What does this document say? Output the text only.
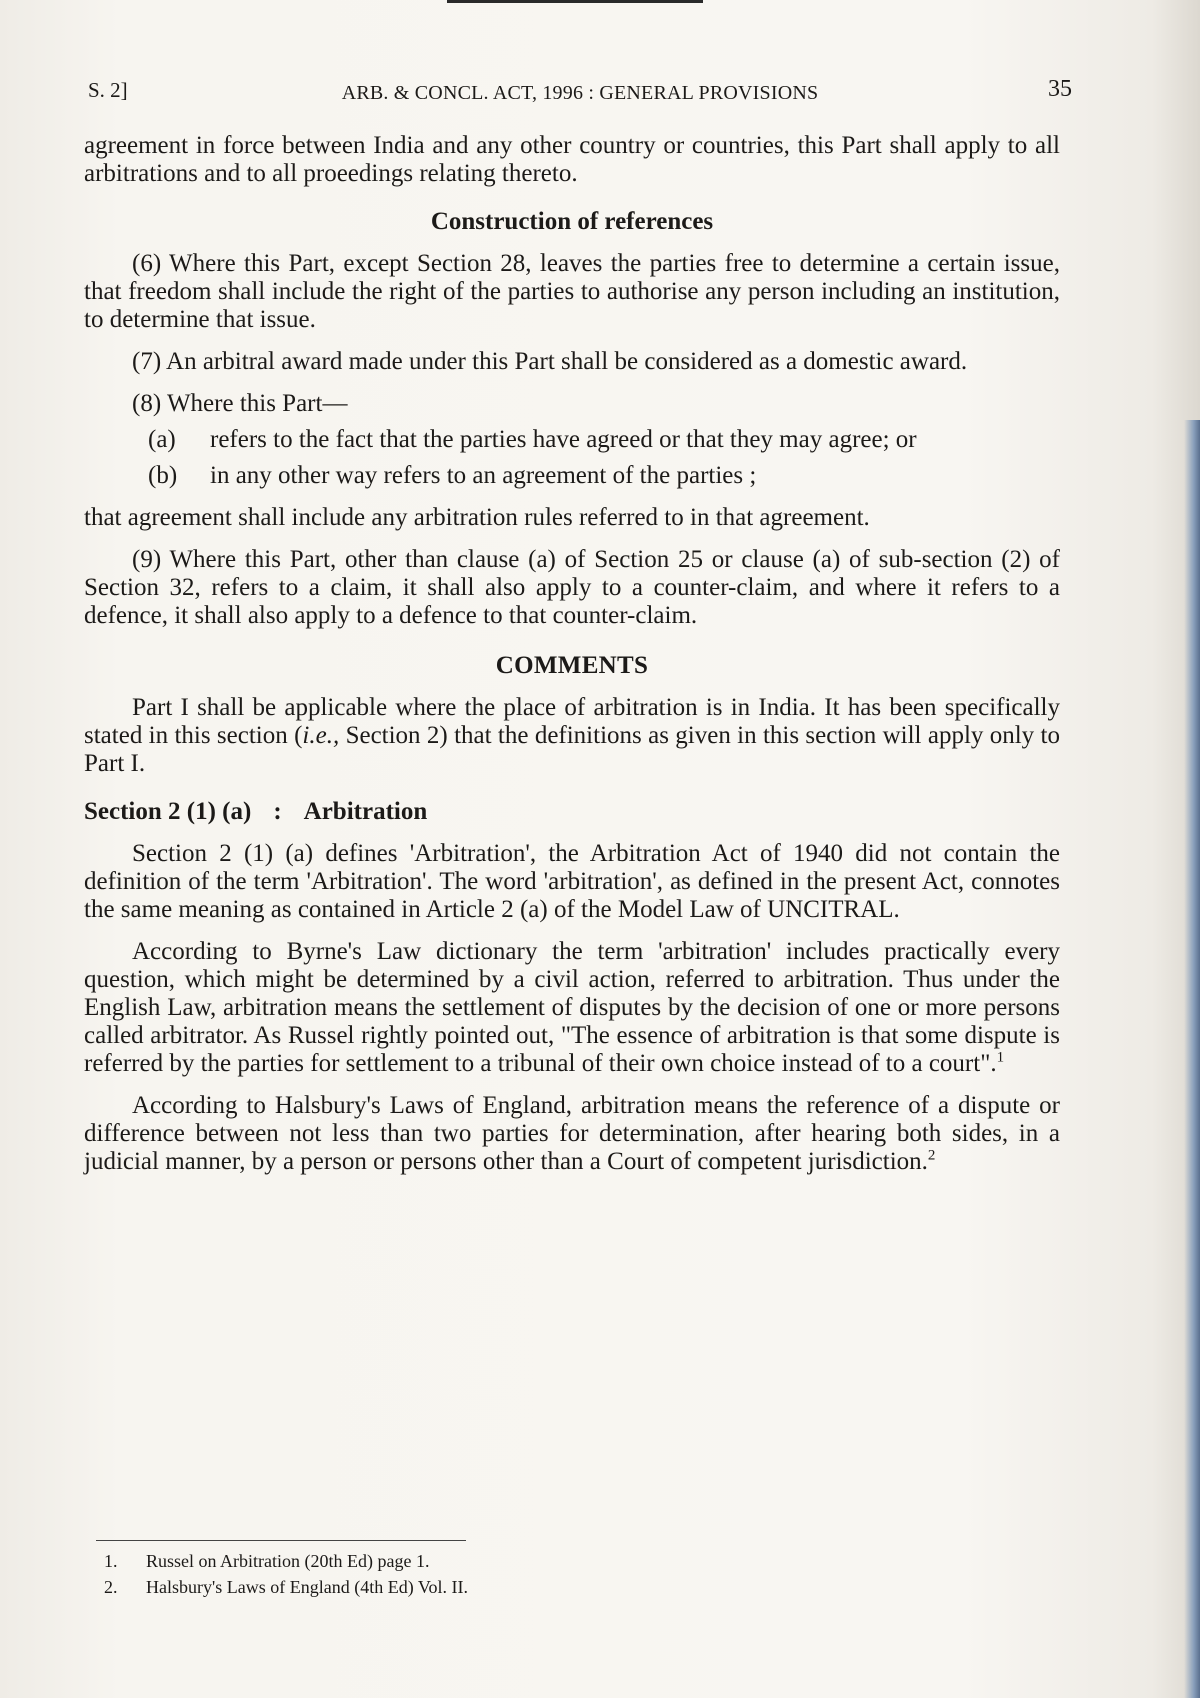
S. 2]	ARB. & CONCL. ACT, 1996 : GENERAL PROVISIONS	35

agreement in force between India and any other country or countries, this Part shall apply to all arbitrations and to all proeedings relating thereto.

Construction of references

(6) Where this Part, except Section 28, leaves the parties free to determine a certain issue, that freedom shall include the right of the parties to authorise any person including an institution, to determine that issue.

(7) An arbitral award made under this Part shall be considered as a domestic award.

(8) Where this Part—

(a)	refers to the fact that the parties have agreed or that they may agree; or
(b)	in any other way refers to an agreement of the parties ;

that agreement shall include any arbitration rules referred to in that agreement.

(9) Where this Part, other than clause (a) of Section 25 or clause (a) of sub-section (2) of Section 32, refers to a claim, it shall also apply to a counter-claim, and where it refers to a defence, it shall also apply to a defence to that counter-claim.

COMMENTS

Part I shall be applicable where the place of arbitration is in India. It has been specifically stated in this section (i.e., Section 2) that the definitions as given in this section will apply only to Part I.

Section 2 (1) (a) : Arbitration

Section 2 (1) (a) defines 'Arbitration', the Arbitration Act of 1940 did not contain the definition of the term 'Arbitration'. The word 'arbitration', as defined in the present Act, connotes the same meaning as contained in Article 2 (a) of the Model Law of UNCITRAL.

According to Byrne's Law dictionary the term 'arbitration' includes practically every question, which might be determined by a civil action, referred to arbitration. Thus under the English Law, arbitration means the settlement of disputes by the decision of one or more persons called arbitrator. As Russel rightly pointed out, "The essence of arbitration is that some dispute is referred by the parties for settlement to a tribunal of their own choice instead of to a court".$^1$

According to Halsbury's Laws of England, arbitration means the reference of a dispute or difference between not less than two parties for determination, after hearing both sides, in a judicial manner, by a person or persons other than a Court of competent jurisdiction.$^2$

1.	Russel on Arbitration (20th Ed) page 1.
2.	Halsbury's Laws of England (4th Ed) Vol. II.
